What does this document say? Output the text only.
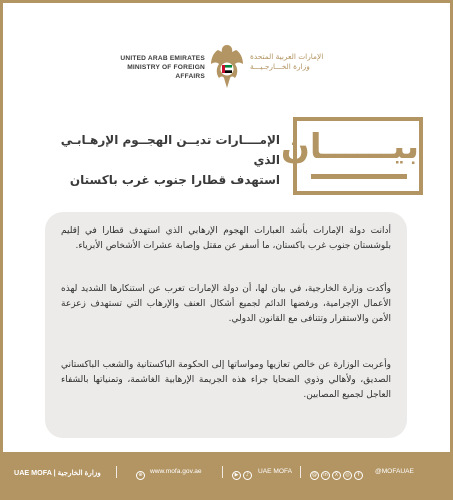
UNITED ARAB EMIRATES
MINISTRY OF FOREIGN AFFAIRS
الإمارات العربية المتحدة
وزارة الخـــارجـيـــة
بيــــــان
الإمــــارات تديــن الهجــوم الإرهـابـي الذي
استهدف قطارا جنوب غرب باكستان

أدانت دولة الإمارات بأشد العبارات الهجوم الإرهابي الذي استهدف قطارا في إقليم بلوشستان جنوب غرب باكستان، ما أسفر عن مقتل وإصابة عشرات الأشخاص الأبرياء.

وأكدت وزارة الخارجية، في بيان لها، أن دولة الإمارات تعرب عن استنكارها الشديد لهذه الأعمال الإجرامية، ورفضها الدائم لجميع أشكال العنف والإرهاب التي تستهدف زعزعة الأمن والاستقرار وتتنافى مع القانون الدولي.

وأعربت الوزارة عن خالص تعازيها ومواساتها إلى الحكومة الباكستانية والشعب الباكستاني الصديق، ولأهالي وذوي الضحايا جراء هذه الجريمة الإرهابية الغاشمة، وتمنياتها بالشفاء العاجل لجميع المصابين.

UAE MOFA | وزارة الخارجية	⊕	www.mofa.gov.ae	▶ ♪	UAE MOFA	@ in X ◎ f	@MOFAUAE
